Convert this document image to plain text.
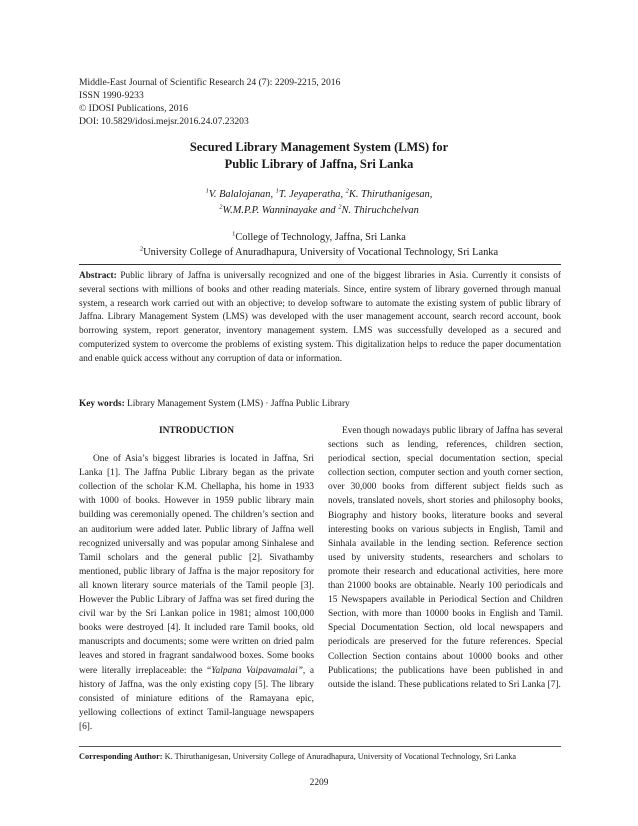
Middle-East Journal of Scientific Research 24 (7): 2209-2215, 2016
ISSN 1990-9233
© IDOSI Publications, 2016
DOI: 10.5829/idosi.mejsr.2016.24.07.23203
Secured Library Management System (LMS) for
Public Library of Jaffna, Sri Lanka
$^1$V. Balalojanan, $^1$T. Jeyaperatha, $^2$K. Thiruthanigesan,
$^2$W.M.P.P. Wanninayake and $^2$N. Thiruchchelvan
$^1$College of Technology, Jaffna, Sri Lanka
$^2$University College of Anuradhapura, University of Vocational Technology, Sri Lanka
Abstract: Public library of Jaffna is universally recognized and one of the biggest libraries in Asia. Currently it consists of several sections with millions of books and other reading materials. Since, entire system of library governed through manual system, a research work carried out with an objective; to develop software to automate the existing system of public library of Jaffna. Library Management System (LMS) was developed with the user management account, search record account, book borrowing system, report generator, inventory management system. LMS was successfully developed as a secured and computerized system to overcome the problems of existing system. This digitalization helps to reduce the paper documentation and enable quick access without any corruption of data or information.
Key words: Library Management System (LMS) · Jaffna Public Library
INTRODUCTION

One of Asia’s biggest libraries is located in Jaffna, Sri Lanka [1]. The Jaffna Public Library began as the private collection of the scholar K.M. Chellapha, his home in 1933 with 1000 of books. However in 1959 public library main building was ceremonially opened. The children’s section and an auditorium were added later. Public library of Jaffna well recognized universally and was popular among Sinhalese and Tamil scholars and the general public [2]. Sivathamby mentioned, public library of Jaffna is the major repository for all known literary source materials of the Tamil people [3]. However the Public Library of Jaffna was set fired during the civil war by the Sri Lankan police in 1981; almost 100,000 books were destroyed [4]. It included rare Tamil books, old manuscripts and documents; some were written on dried palm leaves and stored in fragrant sandalwood boxes. Some books were literally irreplaceable: the “Yalpana Vaipavamalai”, a history of Jaffna, was the only existing copy [5]. The library consisted of miniature editions of the Ramayana epic, yellowing collections of extinct Tamil-language newspapers [6].

Even though nowadays public library of Jaffna has several sections such as lending, references, children section, periodical section, special documentation section, special collection section, computer section and youth corner section, over 30,000 books from different subject fields such as novels, translated novels, short stories and philosophy books, Biography and history books, literature books and several interesting books on various subjects in English, Tamil and Sinhala available in the lending section. Reference section used by university students, researchers and scholars to promote their research and educational activities, here more than 21000 books are obtainable. Nearly 100 periodicals and 15 Newspapers available in Periodical Section and Children Section, with more than 10000 books in English and Tamil. Special Documentation Section, old local newspapers and periodicals are preserved for the future references. Special Collection Section contains about 10000 books and other Publications; the publications have been published in and outside the island. These publications related to Sri Lanka [7].

Corresponding Author: K. Thiruthanigesan, University College of Anuradhapura, University of Vocational Technology, Sri Lanka
2209
